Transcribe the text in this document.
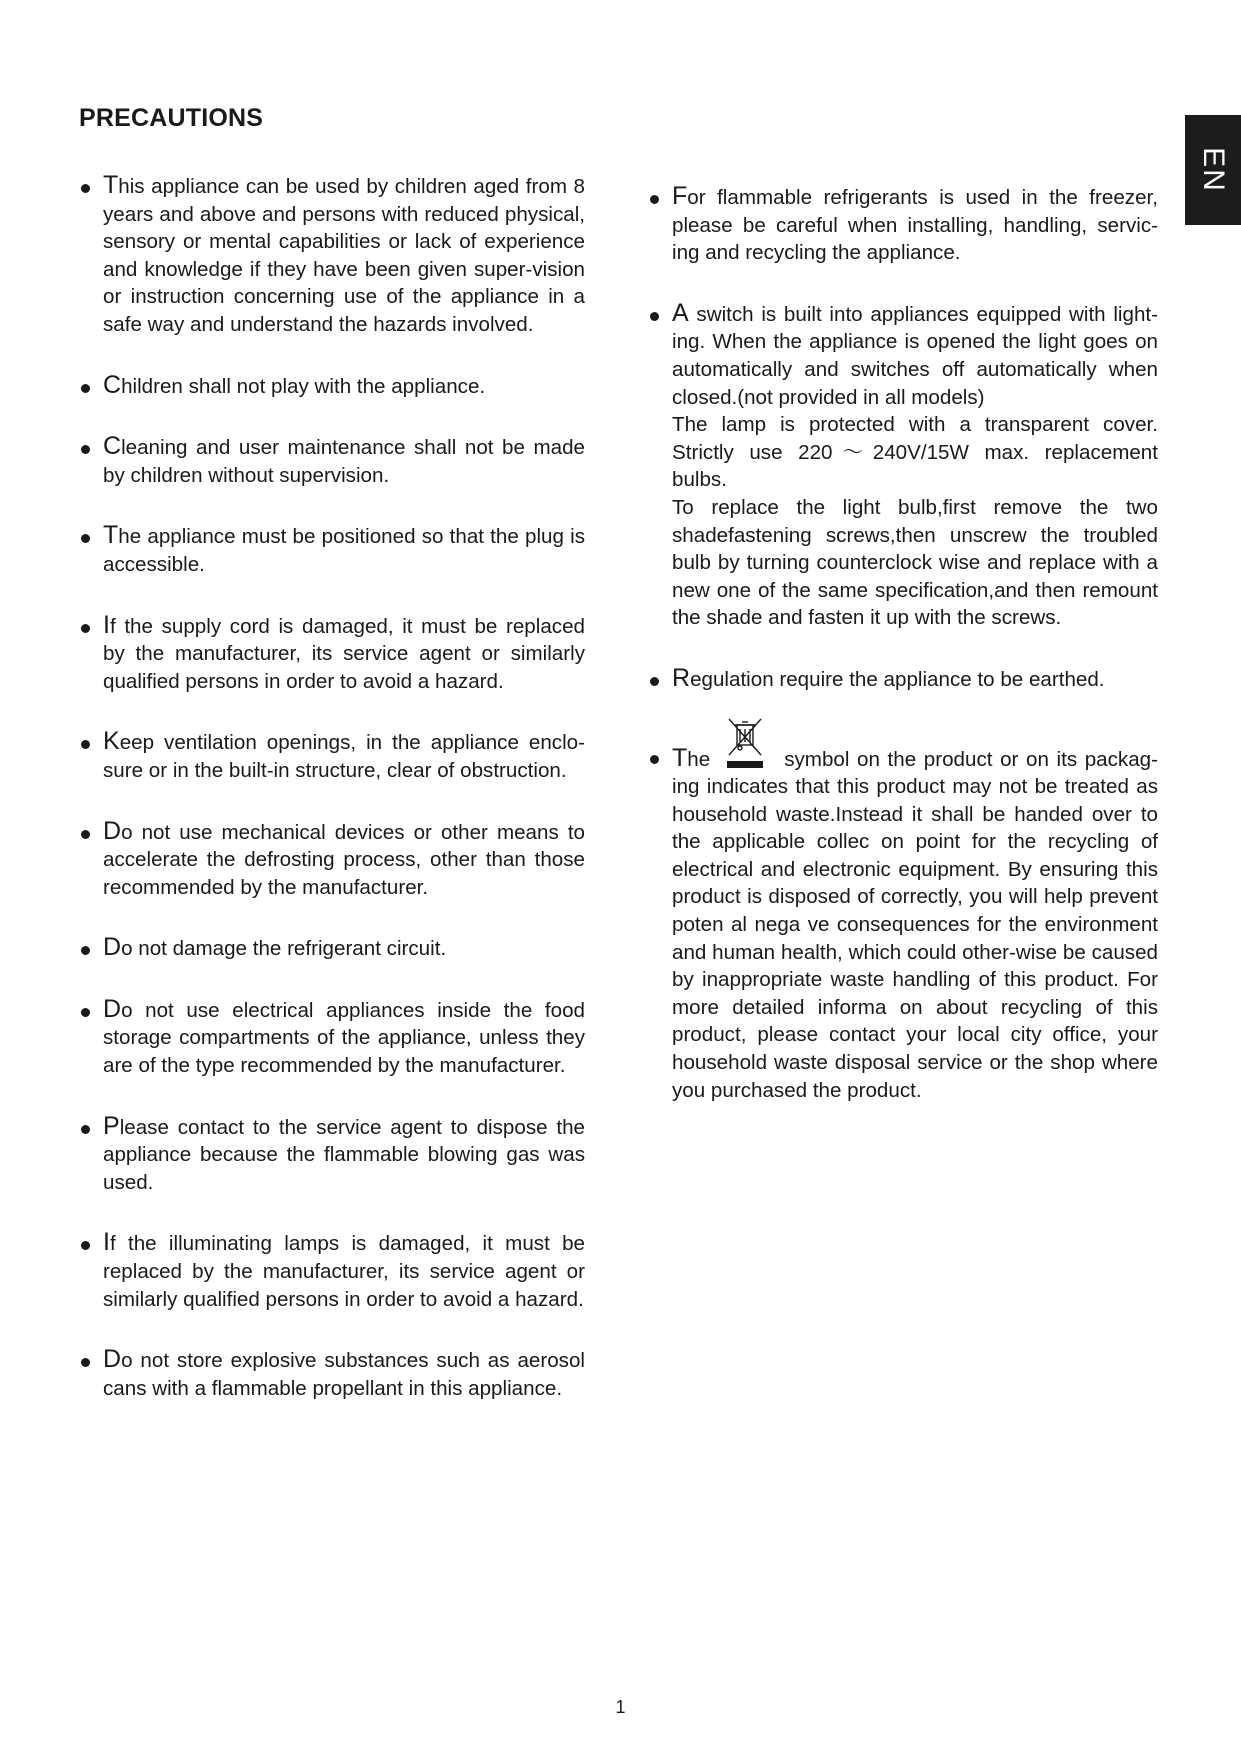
PRECAUTIONS
EN

This appliance can be used by children aged from 8 years and above and persons with reduced physical, sensory or mental capabilities or lack of experience and knowledge if they have been given super-vision or instruction concerning use of the appliance in a safe way and understand the hazards involved.

Children shall not play with the appliance.

Cleaning and user maintenance shall not be made by children without supervision.

The appliance must be positioned so that the plug is accessible.

If the supply cord is damaged, it must be replaced by the manufacturer, its service agent or similarly qualified persons in order to avoid a hazard.

Keep ventilation openings, in the appliance enclo-sure or in the built-in structure, clear of obstruction.

Do not use mechanical devices or other means to accelerate the defrosting process, other than those recommended by the manufacturer.

Do not damage the refrigerant circuit.

Do not use electrical appliances inside the food storage compartments of the appliance, unless they are of the type recommended by the manufacturer.

Please contact to the service agent to dispose the appliance because the flammable blowing gas was used.

If the illuminating lamps is damaged, it must be replaced by the manufacturer, its service agent or similarly qualified persons in order to avoid a hazard.

Do not store explosive substances such as aerosol cans with a flammable propellant in this appliance.

For flammable refrigerants is used in the freezer, please be careful when installing, handling, servic-ing and recycling the appliance.

A switch is built into appliances equipped with light-ing. When the appliance is opened the light goes on automatically and switches off automatically when closed.(not provided in all models)

The lamp is protected with a transparent cover. Strictly use 220～240V/15W max. replacement bulbs.

To replace the light bulb,first remove the two shadefastening screws,then unscrew the troubled bulb by turning counterclock wise and replace with a new one of the same specification,and then remount the shade and fasten it up with the screws.

Regulation require the appliance to be earthed.

The	symbol on the product or on its packag-ing indicates that this product may not be treated as household waste.Instead it shall be handed over to the applicable collec on point for the recycling of electrical and electronic equipment. By ensuring this product is disposed of correctly, you will help prevent poten al nega ve consequences for the environment and human health, which could other-wise be caused by inappropriate waste handling of this product. For more detailed informa on about recycling of this product, please contact your local city office, your household waste disposal service or the shop where you purchased the product.

1
